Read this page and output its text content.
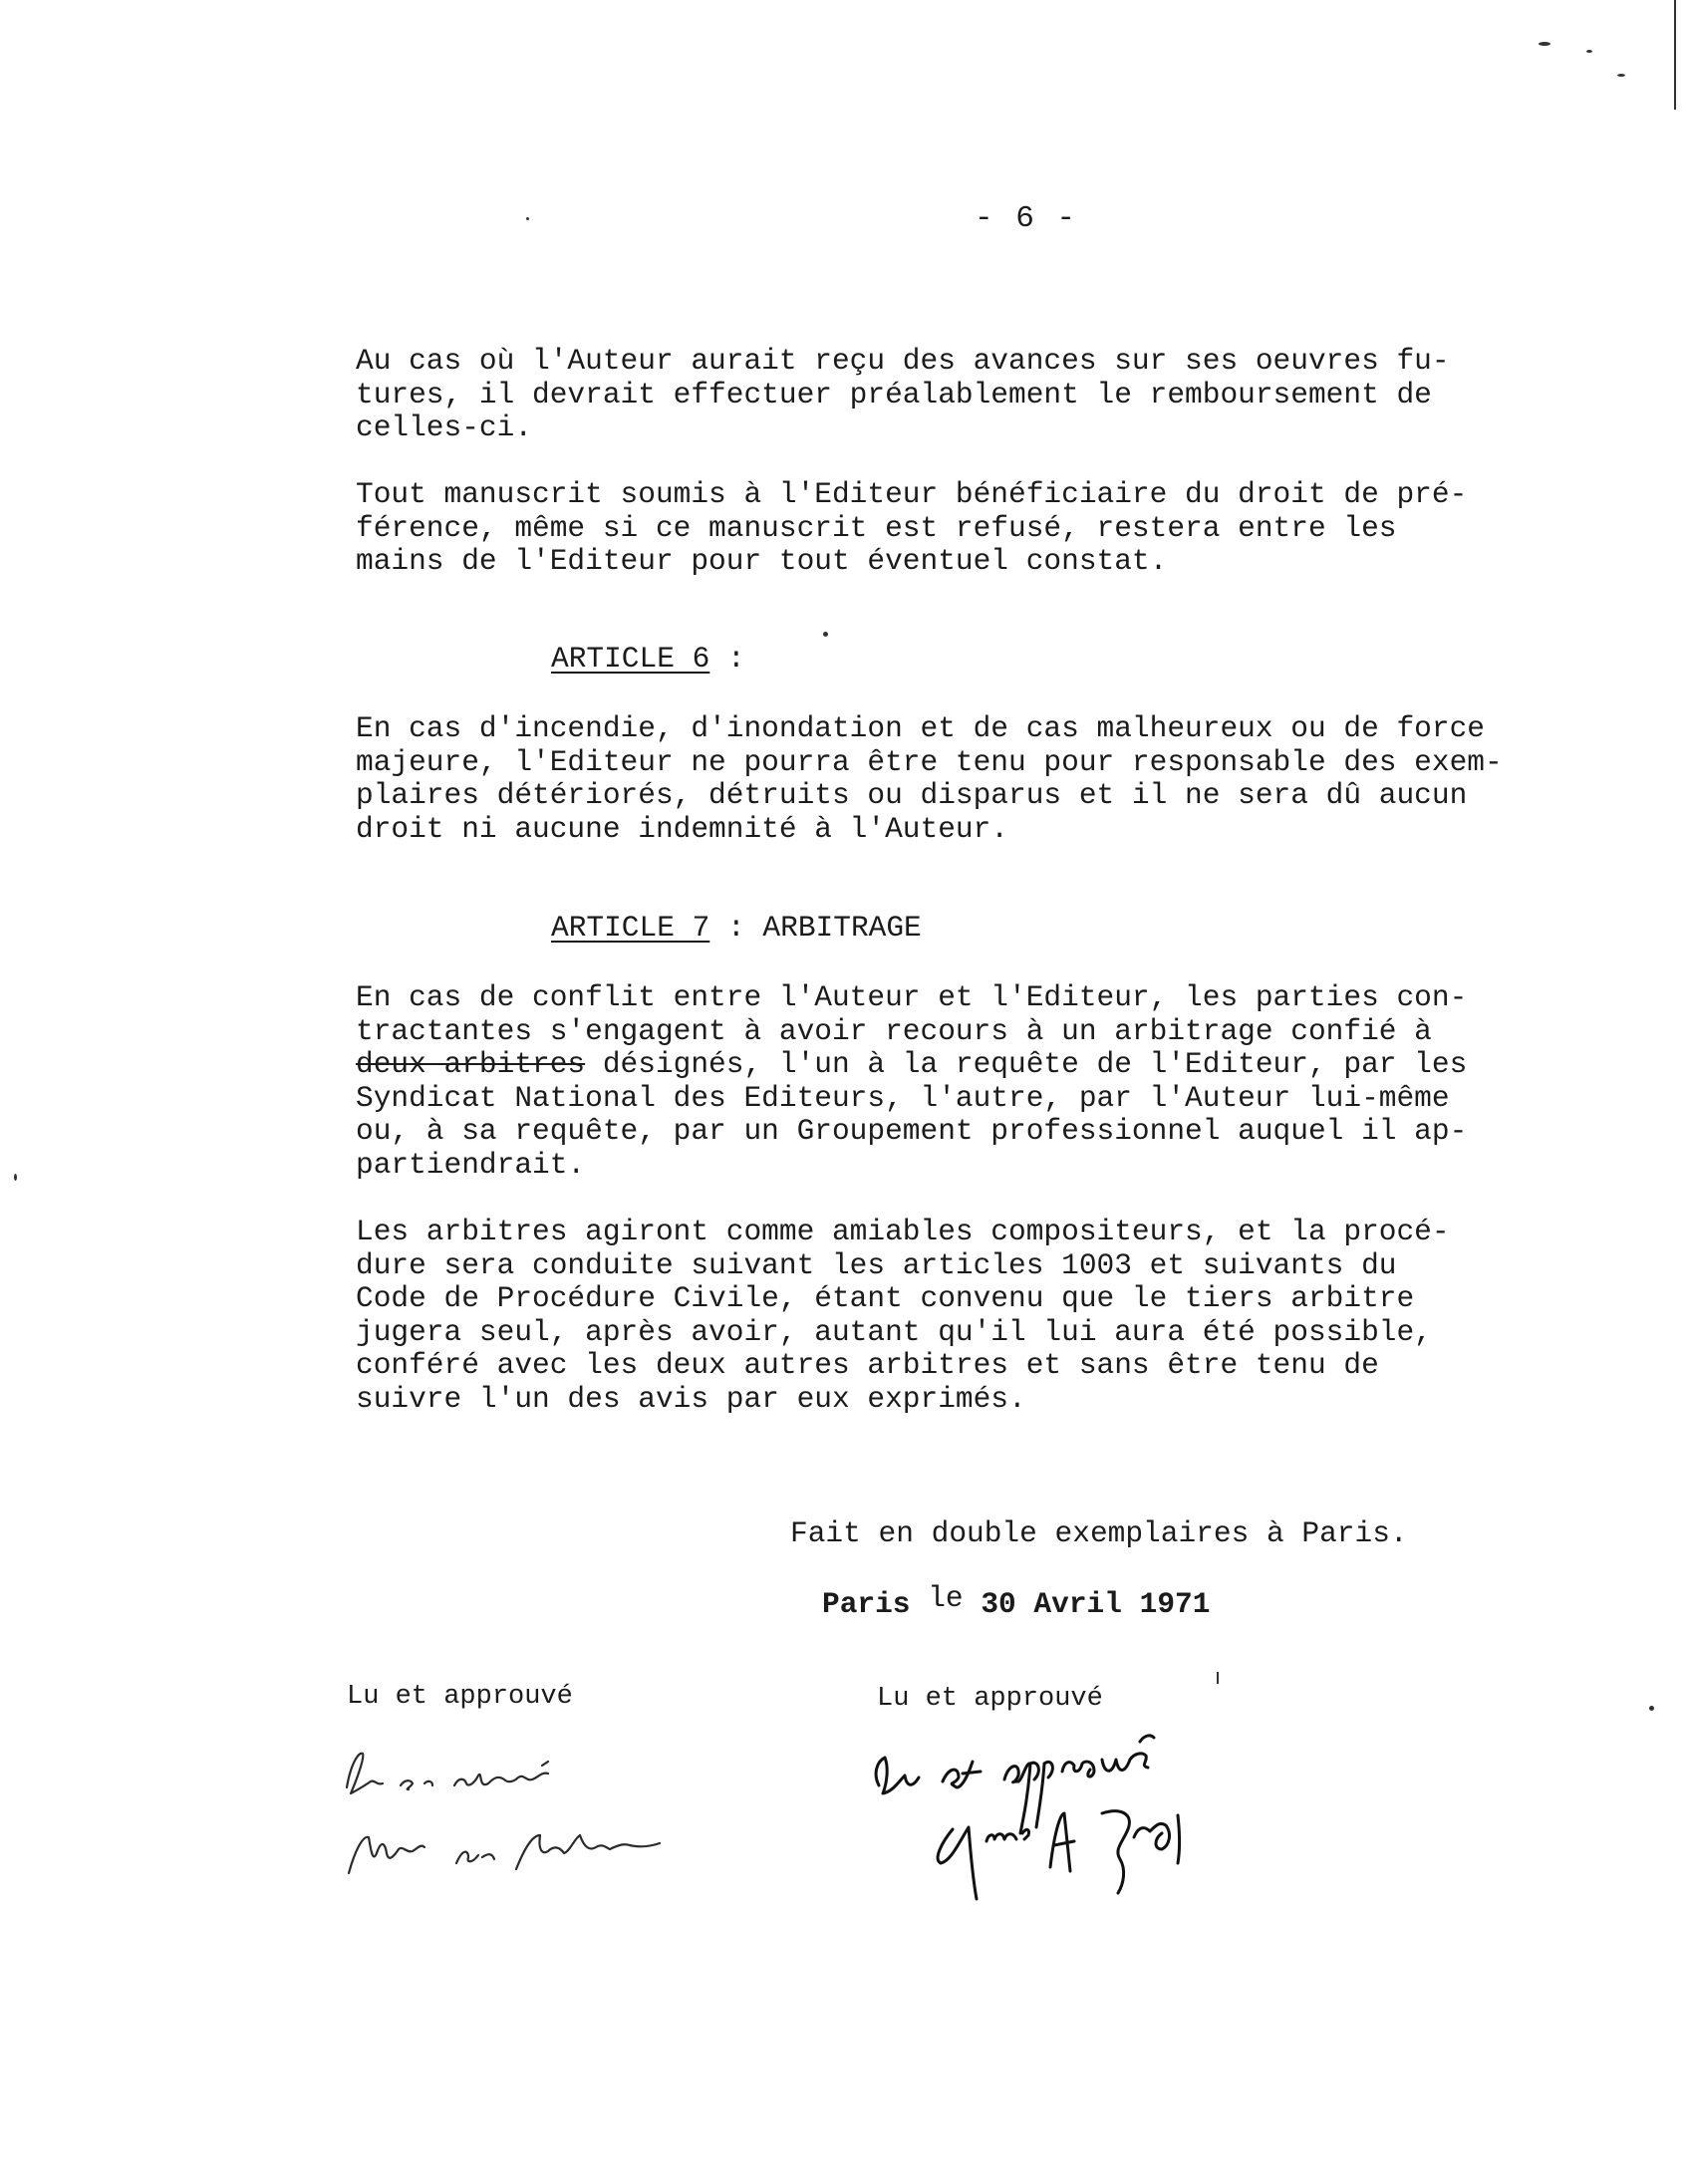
- 6 -

Au cas où l'Auteur aurait reçu des avances sur ses oeuvres fu-
tures, il devrait effectuer préalablement le remboursement de
celles-ci.

Tout manuscrit soumis à l'Editeur bénéficiaire du droit de pré-
férence, même si ce manuscrit est refusé, restera entre les
mains de l'Editeur pour tout éventuel constat.

ARTICLE 6 :

En cas d'incendie, d'inondation et de cas malheureux ou de force
majeure, l'Editeur ne pourra être tenu pour responsable des exem-
plaires détériorés, détruits ou disparus et il ne sera dû aucun
droit ni aucune indemnité à l'Auteur.

ARTICLE 7 : ARBITRAGE

En cas de conflit entre l'Auteur et l'Editeur, les parties con-
tractantes s'engagent à avoir recours à un arbitrage confié à
deux arbitres désignés, l'un à la requête de l'Editeur, par les
Syndicat National des Editeurs, l'autre, par l'Auteur lui-même
ou, à sa requête, par un Groupement professionnel auquel il ap-
partiendrait.

Les arbitres agiront comme amiables compositeurs, et la procé-
dure sera conduite suivant les articles 1003 et suivants du
Code de Procédure Civile, étant convenu que le tiers arbitre
jugera seul, après avoir, autant qu'il lui aura été possible,
conféré avec les deux autres arbitres et sans être tenu de
suivre l'un des avis par eux exprimés.

Fait en double exemplaires à Paris.
Paris le 30 Avril 1971
Lu et approuvé	Lu et approuvé
